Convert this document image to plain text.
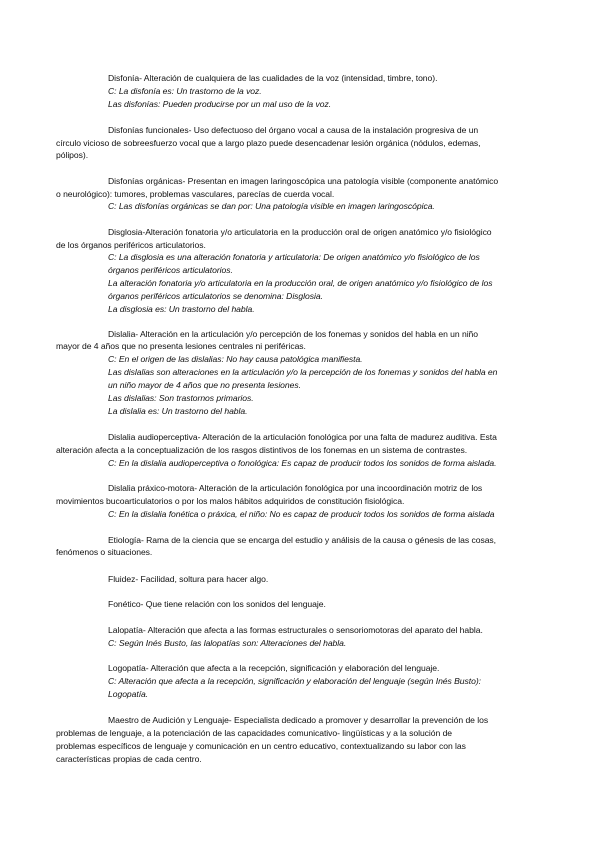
Disfonía- Alteración de cualquiera de las cualidades de la voz (intensidad, timbre, tono).
C: La disfonía es: Un trastorno de la voz.
Las disfonías: Pueden producirse por un mal uso de la voz.
Disfonías funcionales- Uso defectuoso del órgano vocal a causa de la instalación progresiva de un
círculo vicioso de sobreesfuerzo vocal que a largo plazo puede desencadenar lesión orgánica (nódulos, edemas,
pólipos).
Disfonías orgánicas- Presentan en imagen laringoscópica una patología visible (componente anatómico
o neurológico): tumores, problemas vasculares, parecías de cuerda vocal.
C: Las disfonías orgánicas se dan por: Una patología visible en imagen laringoscópica.
Disglosia-Alteración fonatoria y/o articulatoria en la producción oral de origen anatómico y/o fisiológico
de los órganos periféricos articulatorios.
C: La disglosia es una alteración fonatoria y articulatoria: De origen anatómico y/o fisiológico de los
órganos periféricos articulatorios.
La alteración fonatoria y/o articulatoria en la producción oral, de origen anatómico y/o fisiológico de los
órganos periféricos articulatorios se denomina: Disglosia.
La disglosia es: Un trastorno del habla.
Dislalia- Alteración en la articulación y/o percepción de los fonemas y sonidos del habla en un niño
mayor de 4 años que no presenta lesiones centrales ni periféricas.
C: En el origen de las dislalias: No hay causa patológica manifiesta.
Las dislalias son alteraciones en la articulación y/o la percepción de los fonemas y sonidos del habla en
un niño mayor de 4 años que no presenta lesiones.
Las dislalias: Son trastornos primarios.
La dislalia es: Un trastorno del habla.
Dislalia audioperceptiva- Alteración de la articulación fonológica por una falta de madurez auditiva. Esta
alteración afecta a la conceptualización de los rasgos distintivos de los fonemas en un sistema de contrastes.
C: En la dislalia audioperceptiva o fonológica: Es capaz de producir todos los sonidos de forma aislada.
Dislalia práxico-motora- Alteración de la articulación fonológica por una incoordinación motriz de los
movimientos bucoarticulatorios o por los malos hábitos adquiridos de constitución fisiológica.
C: En la dislalia fonética o práxica, el niño: No es capaz de producir todos los sonidos de forma aislada
Etiología- Rama de la ciencia que se encarga del estudio y análisis de la causa o génesis de las cosas,
fenómenos o situaciones.
Fluidez- Facilidad, soltura para hacer algo.
Fonético- Que tiene relación con los sonidos del lenguaje.
Lalopatía- Alteración que afecta a las formas estructurales o sensoriomotoras del aparato del habla.
C: Según Inés Busto, las lalopatías son: Alteraciones del habla.
Logopatía- Alteración que afecta a la recepción, significación y elaboración del lenguaje.
C: Alteración que afecta a la recepción, significación y elaboración del lenguaje (según Inés Busto):
Logopatía.
Maestro de Audición y Lenguaje- Especialista dedicado a promover y desarrollar la prevención de los
problemas de lenguaje, a la potenciación de las capacidades comunicativo- lingüísticas y a la solución de
problemas específicos de lenguaje y comunicación en un centro educativo, contextualizando su labor con las
características propias de cada centro.
